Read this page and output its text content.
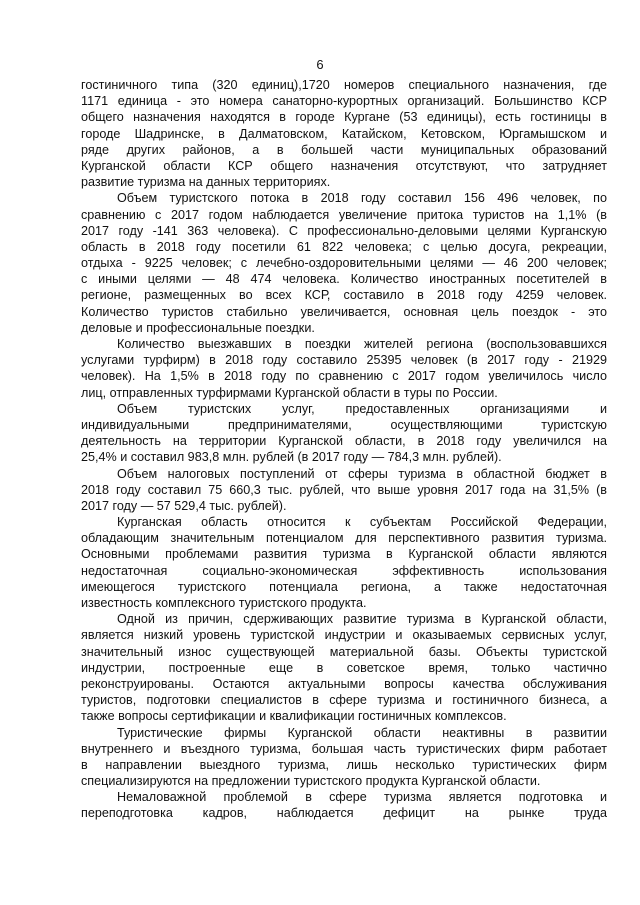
6
гостиничного типа (320 единиц),1720 номеров специального назначения, где
1171 единица - это номера санаторно-курортных организаций. Большинство КСР
общего назначения находятся в городе Кургане (53 единицы), есть гостиницы в
городе Шадринске, в Далматовском, Катайском, Кетовском, Юргамышском и
ряде других районов, а в большей части муниципальных образований
Курганской области КСР общего назначения отсутствуют, что затрудняет
развитие туризма на данных территориях.
Объем туристского потока в 2018 году составил 156 496 человек, по
сравнению с 2017 годом наблюдается увеличение притока туристов на 1,1% (в
2017 году -141 363 человека). С профессионально-деловыми целями Курганскую
область в 2018 году посетили 61 822 человека; с целью досуга, рекреации,
отдыха - 9225 человек; с лечебно-оздоровительными целями — 46 200 человек;
с иными целями — 48 474 человека. Количество иностранных посетителей в
регионе, размещенных во всех КСР, составило в 2018 году 4259 человек.
Количество туристов стабильно увеличивается, основная цель поездок - это
деловые и профессиональные поездки.
Количество выезжавших в поездки жителей региона (воспользовавшихся
услугами турфирм) в 2018 году составило 25395 человек (в 2017 году - 21929
человек). На 1,5% в 2018 году по сравнению с 2017 годом увеличилось число
лиц, отправленных турфирмами Курганской области в туры по России.
Объем туристских услуг, предоставленных организациями и
индивидуальными предпринимателями, осуществляющими туристскую
деятельность на территории Курганской области, в 2018 году увеличился на
25,4% и составил 983,8 млн. рублей (в 2017 году — 784,3 млн. рублей).
Объем налоговых поступлений от сферы туризма в областной бюджет в
2018 году составил 75 660,3 тыс. рублей, что выше уровня 2017 года на 31,5% (в
2017 году — 57 529,4 тыс. рублей).
Курганская область относится к субъектам Российской Федерации,
обладающим значительным потенциалом для перспективного развития туризма.
Основными проблемами развития туризма в Курганской области являются
недостаточная социально-экономическая эффективность использования
имеющегося туристского потенциала региона, а также недостаточная
известность комплексного туристского продукта.
Одной из причин, сдерживающих развитие туризма в Курганской области,
является низкий уровень туристской индустрии и оказываемых сервисных услуг,
значительный износ существующей материальной базы. Объекты туристской
индустрии, построенные еще в советское время, только частично
реконструированы. Остаются актуальными вопросы качества обслуживания
туристов, подготовки специалистов в сфере туризма и гостиничного бизнеса, а
также вопросы сертификации и квалификации гостиничных комплексов.
Туристические фирмы Курганской области неактивны в развитии
внутреннего и въездного туризма, большая часть туристических фирм работает
в направлении выездного туризма, лишь несколько туристических фирм
специализируются на предложении туристского продукта Курганской области.
Немаловажной проблемой в сфере туризма является подготовка и
переподготовка кадров, наблюдается дефицит на рынке труда
